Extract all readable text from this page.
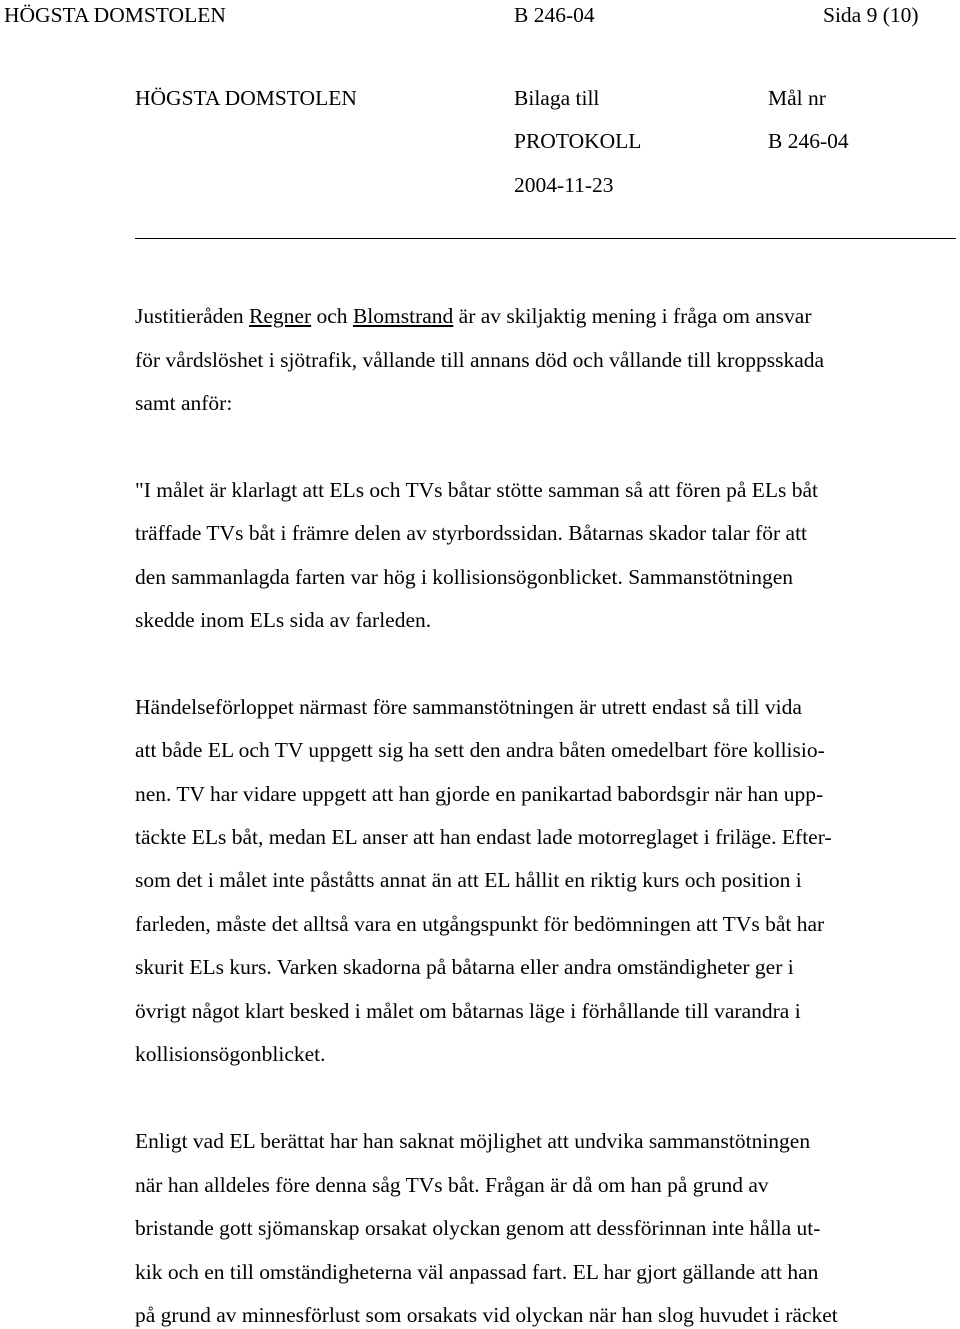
HÖGSTA DOMSTOLEN	B 246-04	Sida 9 (10)
HÖGSTA DOMSTOLEN	Bilaga till
PROTOKOLL
2004-11-23
Mål nr
B 246-04
Justitieråden Regner och Blomstrand är av skiljaktig mening i fråga om ansvar
för vårdslöshet i sjötrafik, vållande till annans död och vållande till kroppsskada
samt anför:
"I målet är klarlagt att ELs och TVs båtar stötte samman så att fören på ELs båt
träffade TVs båt i främre delen av styrbordssidan. Båtarnas skador talar för att
den sammanlagda farten var hög i kollisionsögonblicket. Sammanstötningen
skedde inom ELs sida av farleden.
Händelseförloppet närmast före sammanstötningen är utrett endast så till vida
att både EL och TV uppgett sig ha sett den andra båten omedelbart före kollisio-
nen. TV har vidare uppgett att han gjorde en panikartad babordsgir när han upp-
täckte ELs båt, medan EL anser att han endast lade motorreglaget i friläge. Efter-
som det i målet inte påståtts annat än att EL hållit en riktig kurs och position i
farleden, måste det alltså vara en utgångspunkt för bedömningen att TVs båt har
skurit ELs kurs. Varken skadorna på båtarna eller andra omständigheter ger i
övrigt något klart besked i målet om båtarnas läge i förhållande till varandra i
kollisionsögonblicket.
Enligt vad EL berättat har han saknat möjlighet att undvika sammanstötningen
när han alldeles före denna såg TVs båt. Frågan är då om han på grund av
bristande gott sjömanskap orsakat olyckan genom att dessförinnan inte hålla ut-
kik och en till omständigheterna väl anpassad fart. EL har gjort gällande att han
på grund av minnesförlust som orsakats vid olyckan när han slog huvudet i räcket
